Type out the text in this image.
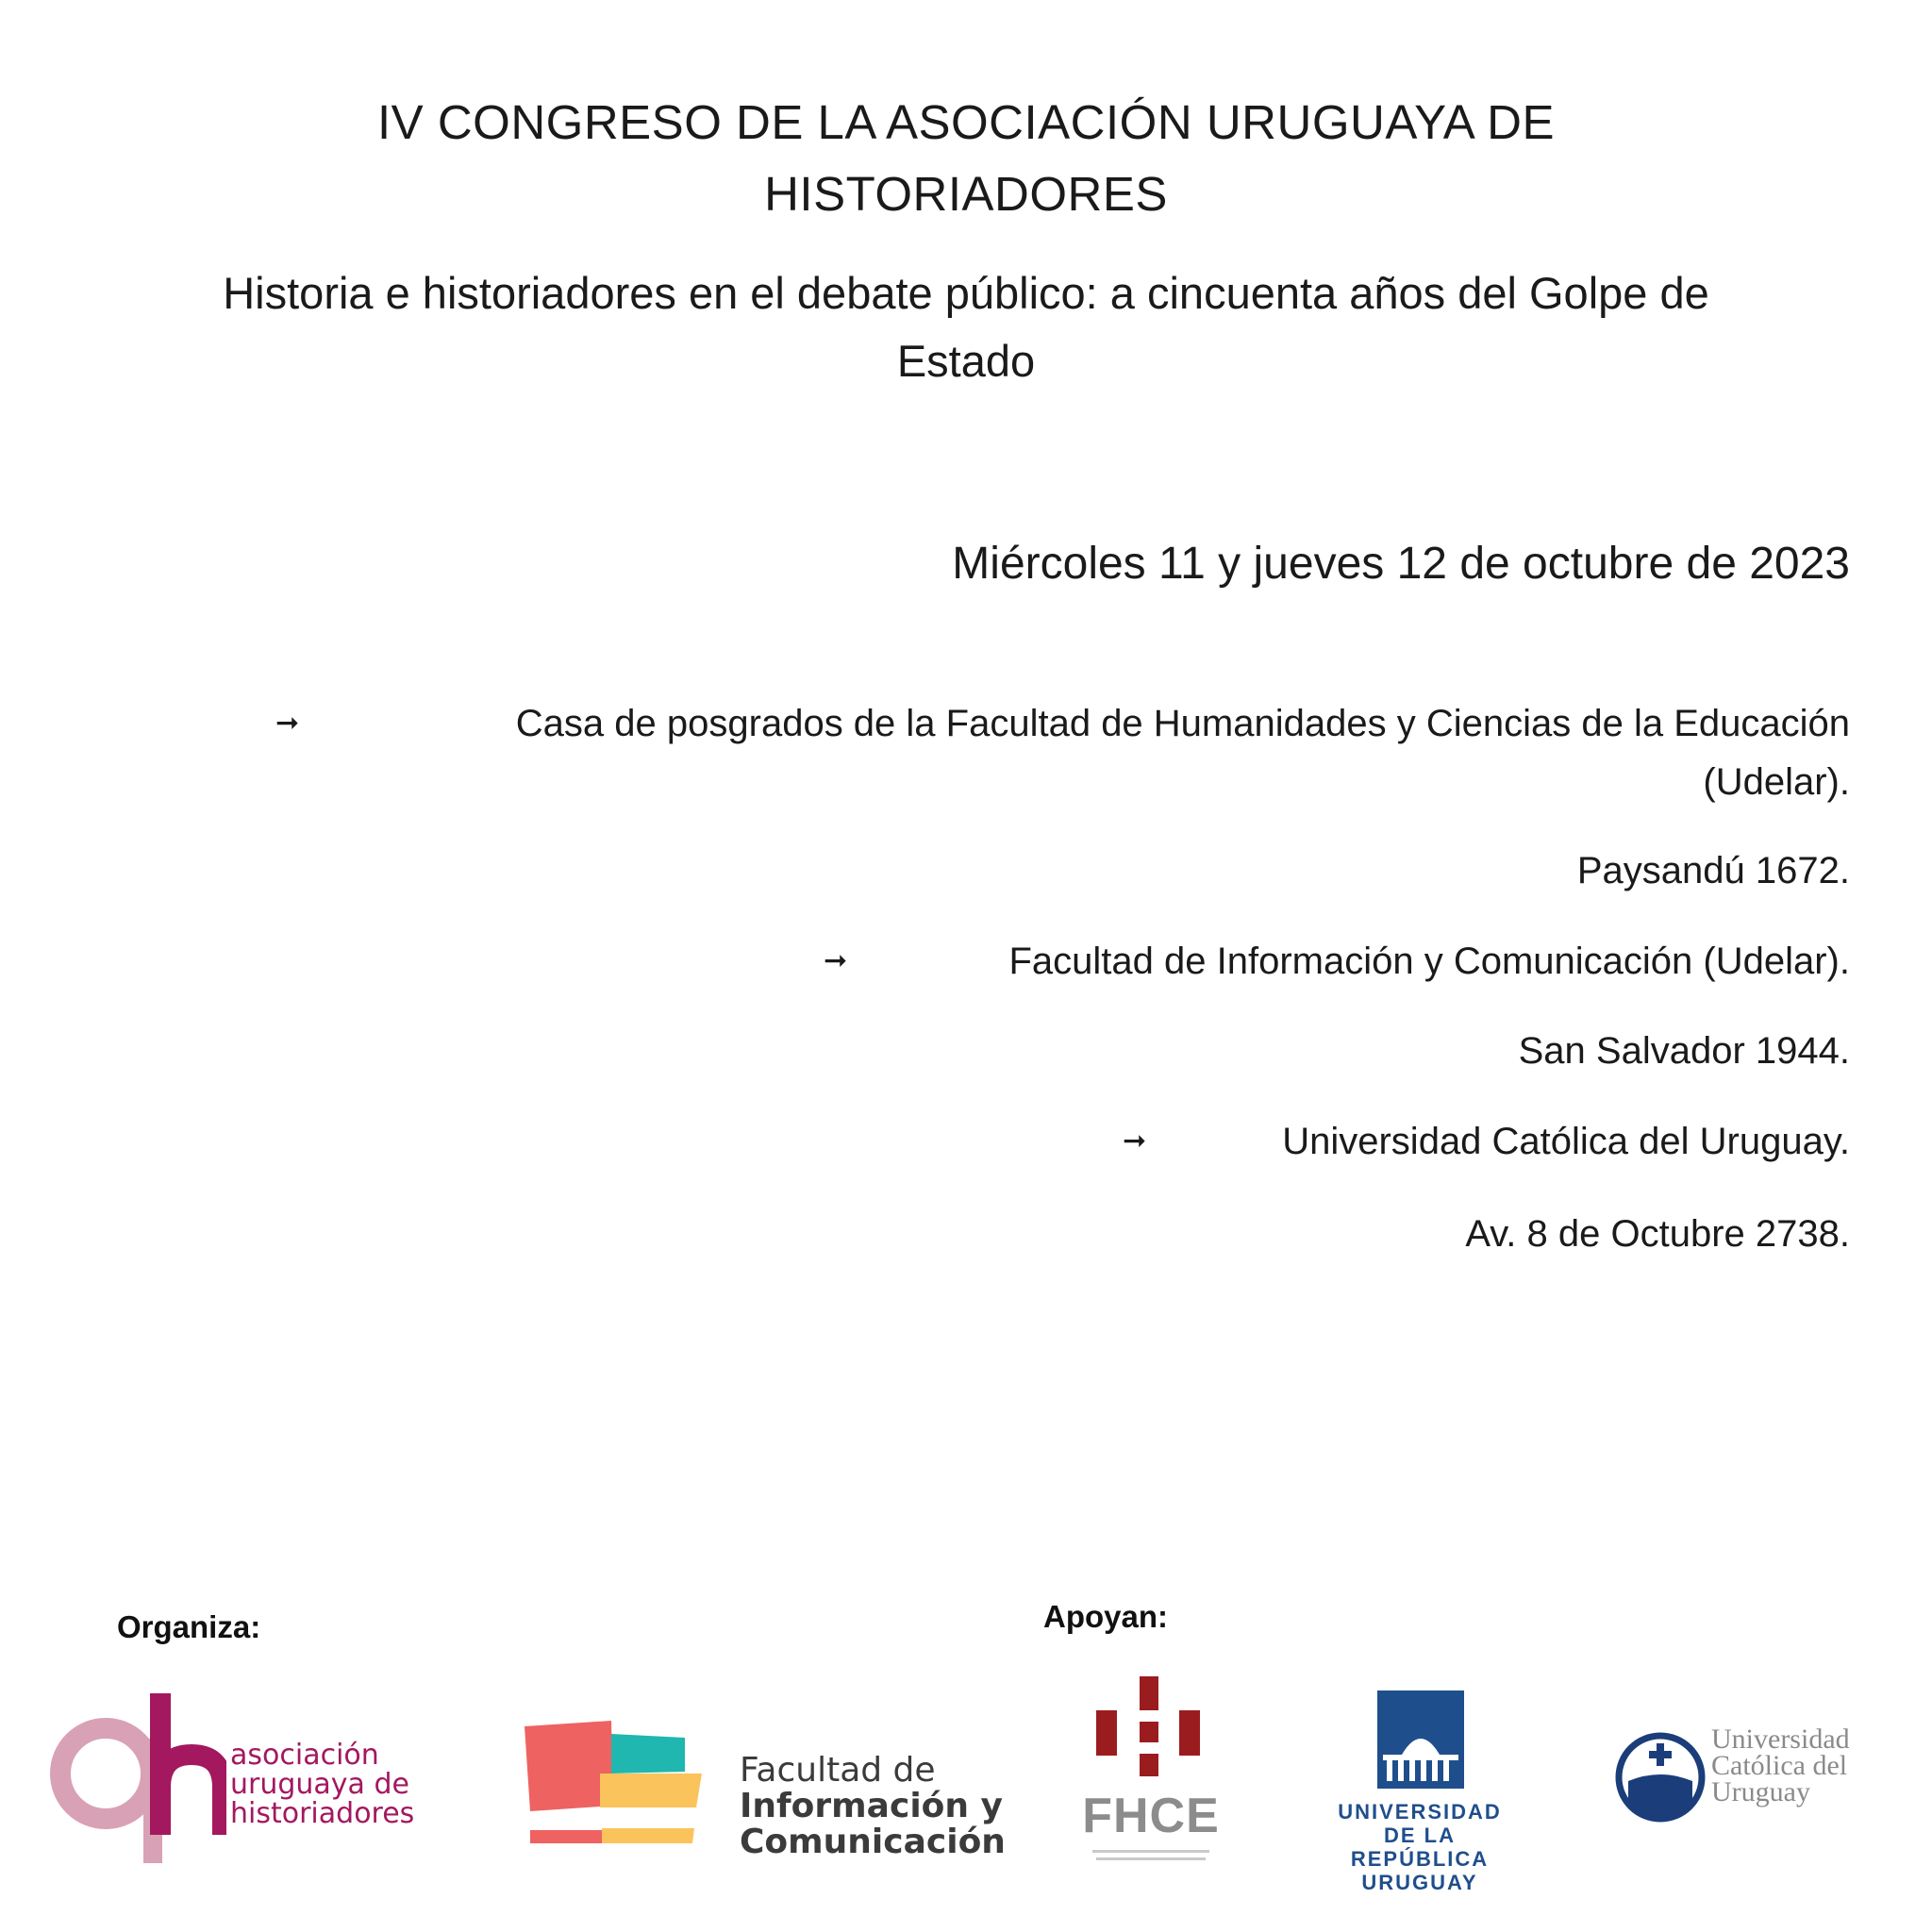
IV CONGRESO DE LA ASOCIACIÓN URUGUAYA DE
HISTORIADORES
Historia e historiadores en el debate público: a cincuenta años del Golpe de
Estado
Miércoles 11 y jueves 12 de octubre de 2023
➞	Casa de posgrados de la Facultad de Humanidades y Ciencias de la Educación
(Udelar).
Paysandú 1672.
➞	Facultad de Información y Comunicación (Udelar).
San Salvador 1944.
➞	Universidad Católica del Uruguay.
Av. 8 de Octubre 2738.
Organiza:	Apoyan:
asociación
uruguaya de
historiadores
Facultad de
Información y
Comunicación FHCE	UNIVERSIDAD
DE LA REPÚBLICA
URUGUAY
Universidad
Católica del
Uruguay
